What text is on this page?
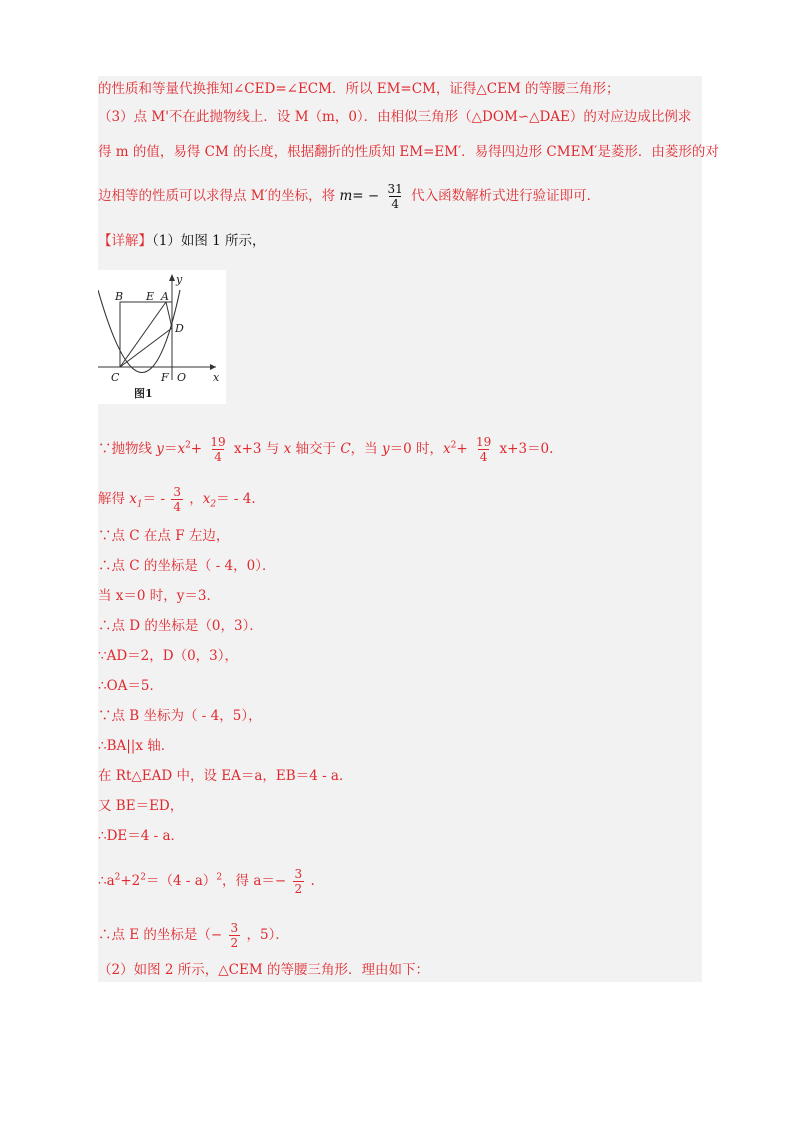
的性质和等量代换推知∠CED=∠ECM．所以 EM=CM，证得△CEM 的等腰三角形；
（3）点 M'不在此抛物线上．设 M（m，0）．由相似三角形（△DOM∽△DAE）的对应边成比例求
得 m 的值，易得 CM 的长度，根据翻折的性质知 EM=EM′．易得四边形 CMEM′是菱形．由菱形的对
边相等的性质可以求得点 M′的坐标，将 $m= - \frac{31}{4}$ 代入函数解析式进行验证即可．
【详解】（1）如图 1 所示，
y
x
B E A
D
C	F O
图1
∵抛物线 $y=x^2+ \frac{19}{4} x+3$ 与 x 轴交于 C，当 y＝0 时，$x^2+ \frac{19}{4} x+3=0$.
解得 $x_1= - \frac{3}{4}$ ，$x_2= - 4$.
∵点 C 在点 F 左边，
∴点 C 的坐标是（ - 4，0）．
当 x＝0 时，y＝3．
∴点 D 的坐标是（0，3）．
∵AD＝2，D（0，3），
∴OA＝5．
∵点 B 坐标为（ - 4，5），
∴BA||x 轴．
在 Rt△EAD 中，设 EA＝a，EB＝4 - a．
又 BE＝ED，
∴DE＝4 - a．
$\therefore a^2+2^2=(4 - a)^2$，得 $a=- \frac{3}{2}$ .
∴点 E 的坐标是（− $\frac{3}{2}$ ，5）．
（2）如图 2 所示，△CEM 的等腰三角形．理由如下：
